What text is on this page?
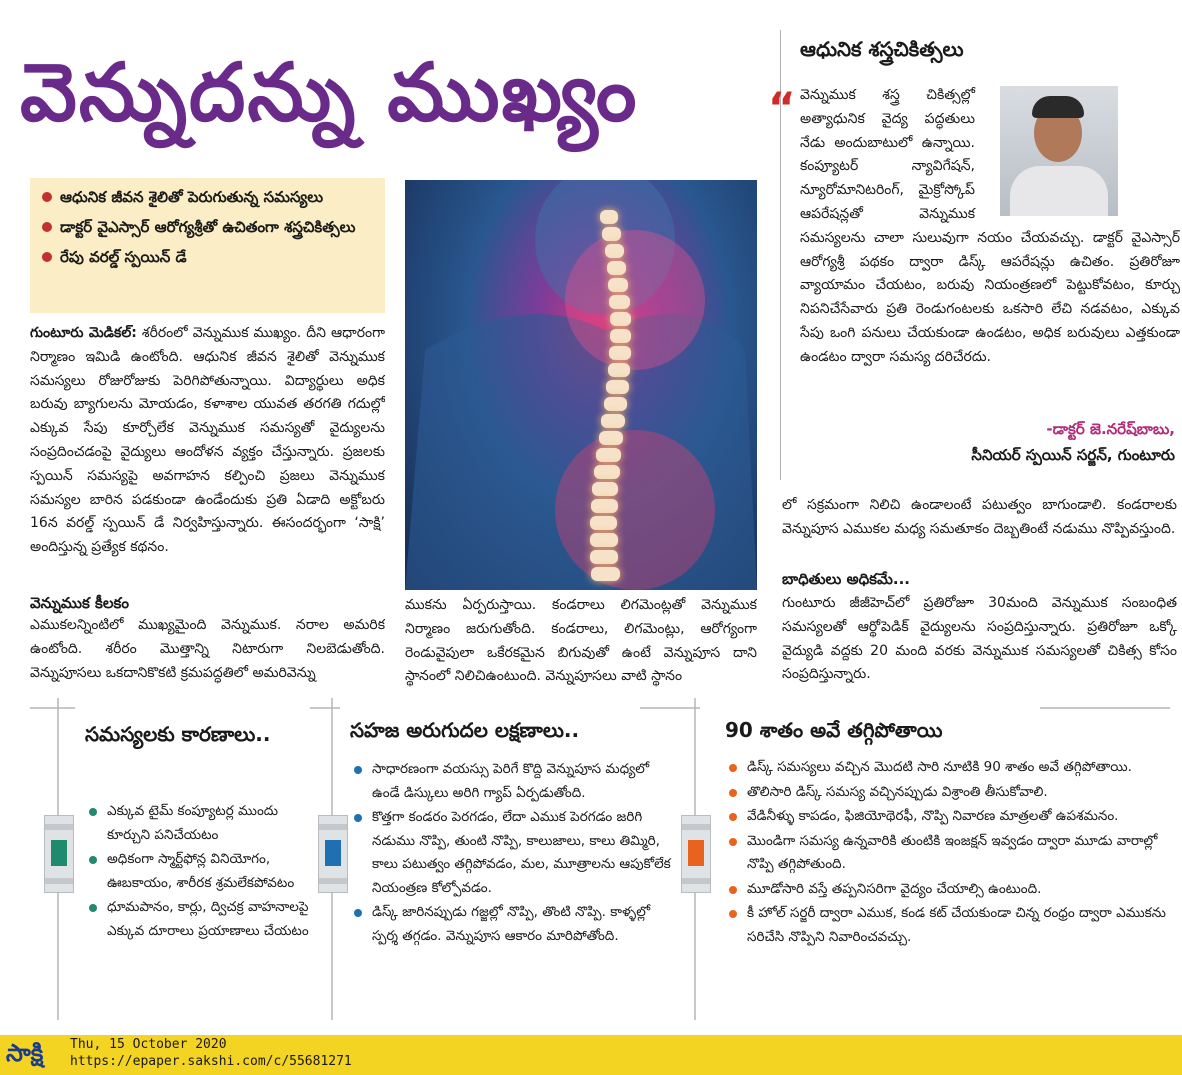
వెన్నుదన్ను ముఖ్యం
ఆధునిక జీవన శైలితో పెరుగుతున్న సమస్యలు
డాక్టర్ వైఎస్సార్ ఆరోగ్యశ్రీతో ఉచితంగా శస్త్రచికిత్సలు
రేపు వరల్డ్ స్పయిన్ డే
గుంటూరు మెడికల్: శరీరంలో వెన్నుముక ముఖ్యం. దీని ఆధారంగా నిర్మాణం ఇమిడి ఉంటోంది. ఆధునిక జీవన శైలితో వెన్నుముక సమస్యలు రోజురోజుకు పెరిగిపోతున్నాయి. విద్యార్థులు అధిక బరువు బ్యాగులను మోయడం, కళాశాల యువత తరగతి గదుల్లో ఎక్కువ సేపు కూర్చోలేక వెన్నుముక సమస్యతో వైద్యులను సంప్రదించడంపై వైద్యులు ఆందోళన వ్యక్తం చేస్తున్నారు. ప్రజలకు స్పయిన్ సమస్యపై అవగాహన కల్పించి ప్రజలు వెన్నుముక సమస్యల బారిన పడకుండా ఉండేందుకు ప్రతి ఏడాది అక్టోబరు 16న వరల్డ్ స్పయిన్ డే నిర్వహిస్తున్నారు. ఈసందర్భంగా ‘సాక్షి’ అందిస్తున్న ప్రత్యేక కథనం.
వెన్నుముక కీలకం
ఎముకలన్నింటిలో ముఖ్యమైంది వెన్నుముక. నరాల అమరిక ఉంటోంది. శరీరం మొత్తాన్ని నిటారుగా నిలబెడుతోంది. వెన్నుపూసలు ఒకదానికొకటి క్రమపద్ధతిలో అమరివెన్ను
ముకను ఏర్పరుస్తాయి. కండరాలు లిగమెంట్లతో వెన్నుముక నిర్మాణం జరుగుతోంది. కండరాలు, లిగమెంట్లు, ఆరోగ్యంగా రెండువైపులా ఒకేరకమైన బిగువుతో ఉంటే వెన్నుపూస దాని స్థానంలో నిలిచిఉంటుంది. వెన్నుపూసలు వాటి స్థానం
ఆధునిక శస్త్రచికిత్సలు
“ వెన్నుముక శస్త్ర చికిత్సల్లో అత్యాధునిక వైద్య పద్ధతులు నేడు అందుబాటులో ఉన్నాయి. కంప్యూటర్ న్యావిగేషన్, న్యూరోమానిటరింగ్, మైక్రోస్కోప్ ఆపరేషన్లతో వెన్నుముక సమస్యలను చాలా సులువుగా నయం చేయవచ్చు. డాక్టర్ వైఎస్సార్ ఆరోగ్యశ్రీ పథకం ద్వారా డిస్క్ ఆపరేషన్లు ఉచితం. ప్రతిరోజూ వ్యాయామం చేయటం, బరువు నియంత్రణలో పెట్టుకోవటం, కూర్చు నిపనిచేసేవారు ప్రతి రెండుగంటలకు ఒకసారి లేచి నడవటం, ఎక్కువ సేపు ఒంగి పనులు చేయకుండా ఉండటం, అధిక బరువులు ఎత్తకుండా ఉండటం ద్వారా సమస్య దరిచేరదు.
-డాక్టర్ జె.నరేష్‌బాబు,
సీనియర్ స్పయిన్ సర్జన్, గుంటూరు
లో సక్రమంగా నిలిచి ఉండాలంటే పటుత్వం బాగుండాలి. కండరాలకు వెన్నుపూస ఎముకల మధ్య సమతూకం దెబ్బతింటే నడుము నొప్పివస్తుంది.
బాధితులు అధికమే...
గుంటూరు జీజీహెచ్‌లో ప్రతిరోజూ 30మంది వెన్నుముక సంబంధిత సమస్యలతో ఆర్థోపెడిక్ వైద్యులను సంప్రదిస్తున్నారు. ప్రతిరోజూ ఒక్కో వైద్యుడి వద్దకు 20 మంది వరకు వెన్నుముక సమస్యలతో చికిత్స కోసం సంప్రదిస్తున్నారు.
సమస్యలకు కారణాలు..
ఎక్కువ టైమ్ కంప్యూటర్ల ముందు కూర్చుని పనిచేయటం
అధికంగా స్మార్ట్‌ఫోన్ల వినియోగం, ఊబకాయం, శారీరక శ్రమలేకపోవటం
ధూమపానం, కార్లు, ద్విచక్ర వాహనాలపై ఎక్కువ దూరాలు ప్రయాణాలు చేయటం
సహజ అరుగుదల లక్షణాలు..
సాధారణంగా వయస్సు పెరిగే కొద్ది వెన్నుపూస మధ్యలో ఉండే డిస్కులు అరిగి గ్యాప్ ఏర్పడుతోంది.
కొత్తగా కండరం పెరగడం, లేదా ఎముక పెరగడం జరిగి నడుము నొప్పి, తుంటి నొప్పి, కాలుజాలు, కాలు తిమ్మిరి, కాలు పటుత్వం తగ్గిపోవడం, మల, మూత్రాలను ఆపుకోలేక నియంత్రణ కోల్పోవడం.
డిస్క్ జారినప్పుడు గజ్జల్లో నొప్పి, తొంటి నొప్పి. కాళ్ళల్లో స్పర్శ తగ్గడం. వెన్నుపూస ఆకారం మారిపోతోంది.
90 శాతం అవే తగ్గిపోతాయి
డిస్క్ సమస్యలు వచ్చిన మొదటి సారి నూటికి 90 శాతం అవే తగ్గిపోతాయి.
తొలిసారి డిస్క్ సమస్య వచ్చినప్పుడు విశ్రాంతి తీసుకోవాలి.
వేడినీళ్ళు కాపడం, ఫిజియోథెరఫీ, నొప్పి నివారణ మాత్రలతో ఉపశమనం.
మొండిగా సమస్య ఉన్నవారికి తుంటికి ఇంజక్షన్ ఇవ్వడం ద్వారా మూడు వారాల్లో నొప్పి తగ్గిపోతుంది.
మూడోసారి వస్తే తప్పనిసరిగా వైద్యం చేయాల్సి ఉంటుంది.
కీ హోల్ సర్జరీ ద్వారా ఎముక, కండ కట్ చేయకుండా చిన్న రంధ్రం ద్వారా ఎముకను సరిచేసి నొప్పిని నివారించవచ్చు.
సాక్షి	Thu, 15 October 2020
https://epaper.sakshi.com/c/55681271
